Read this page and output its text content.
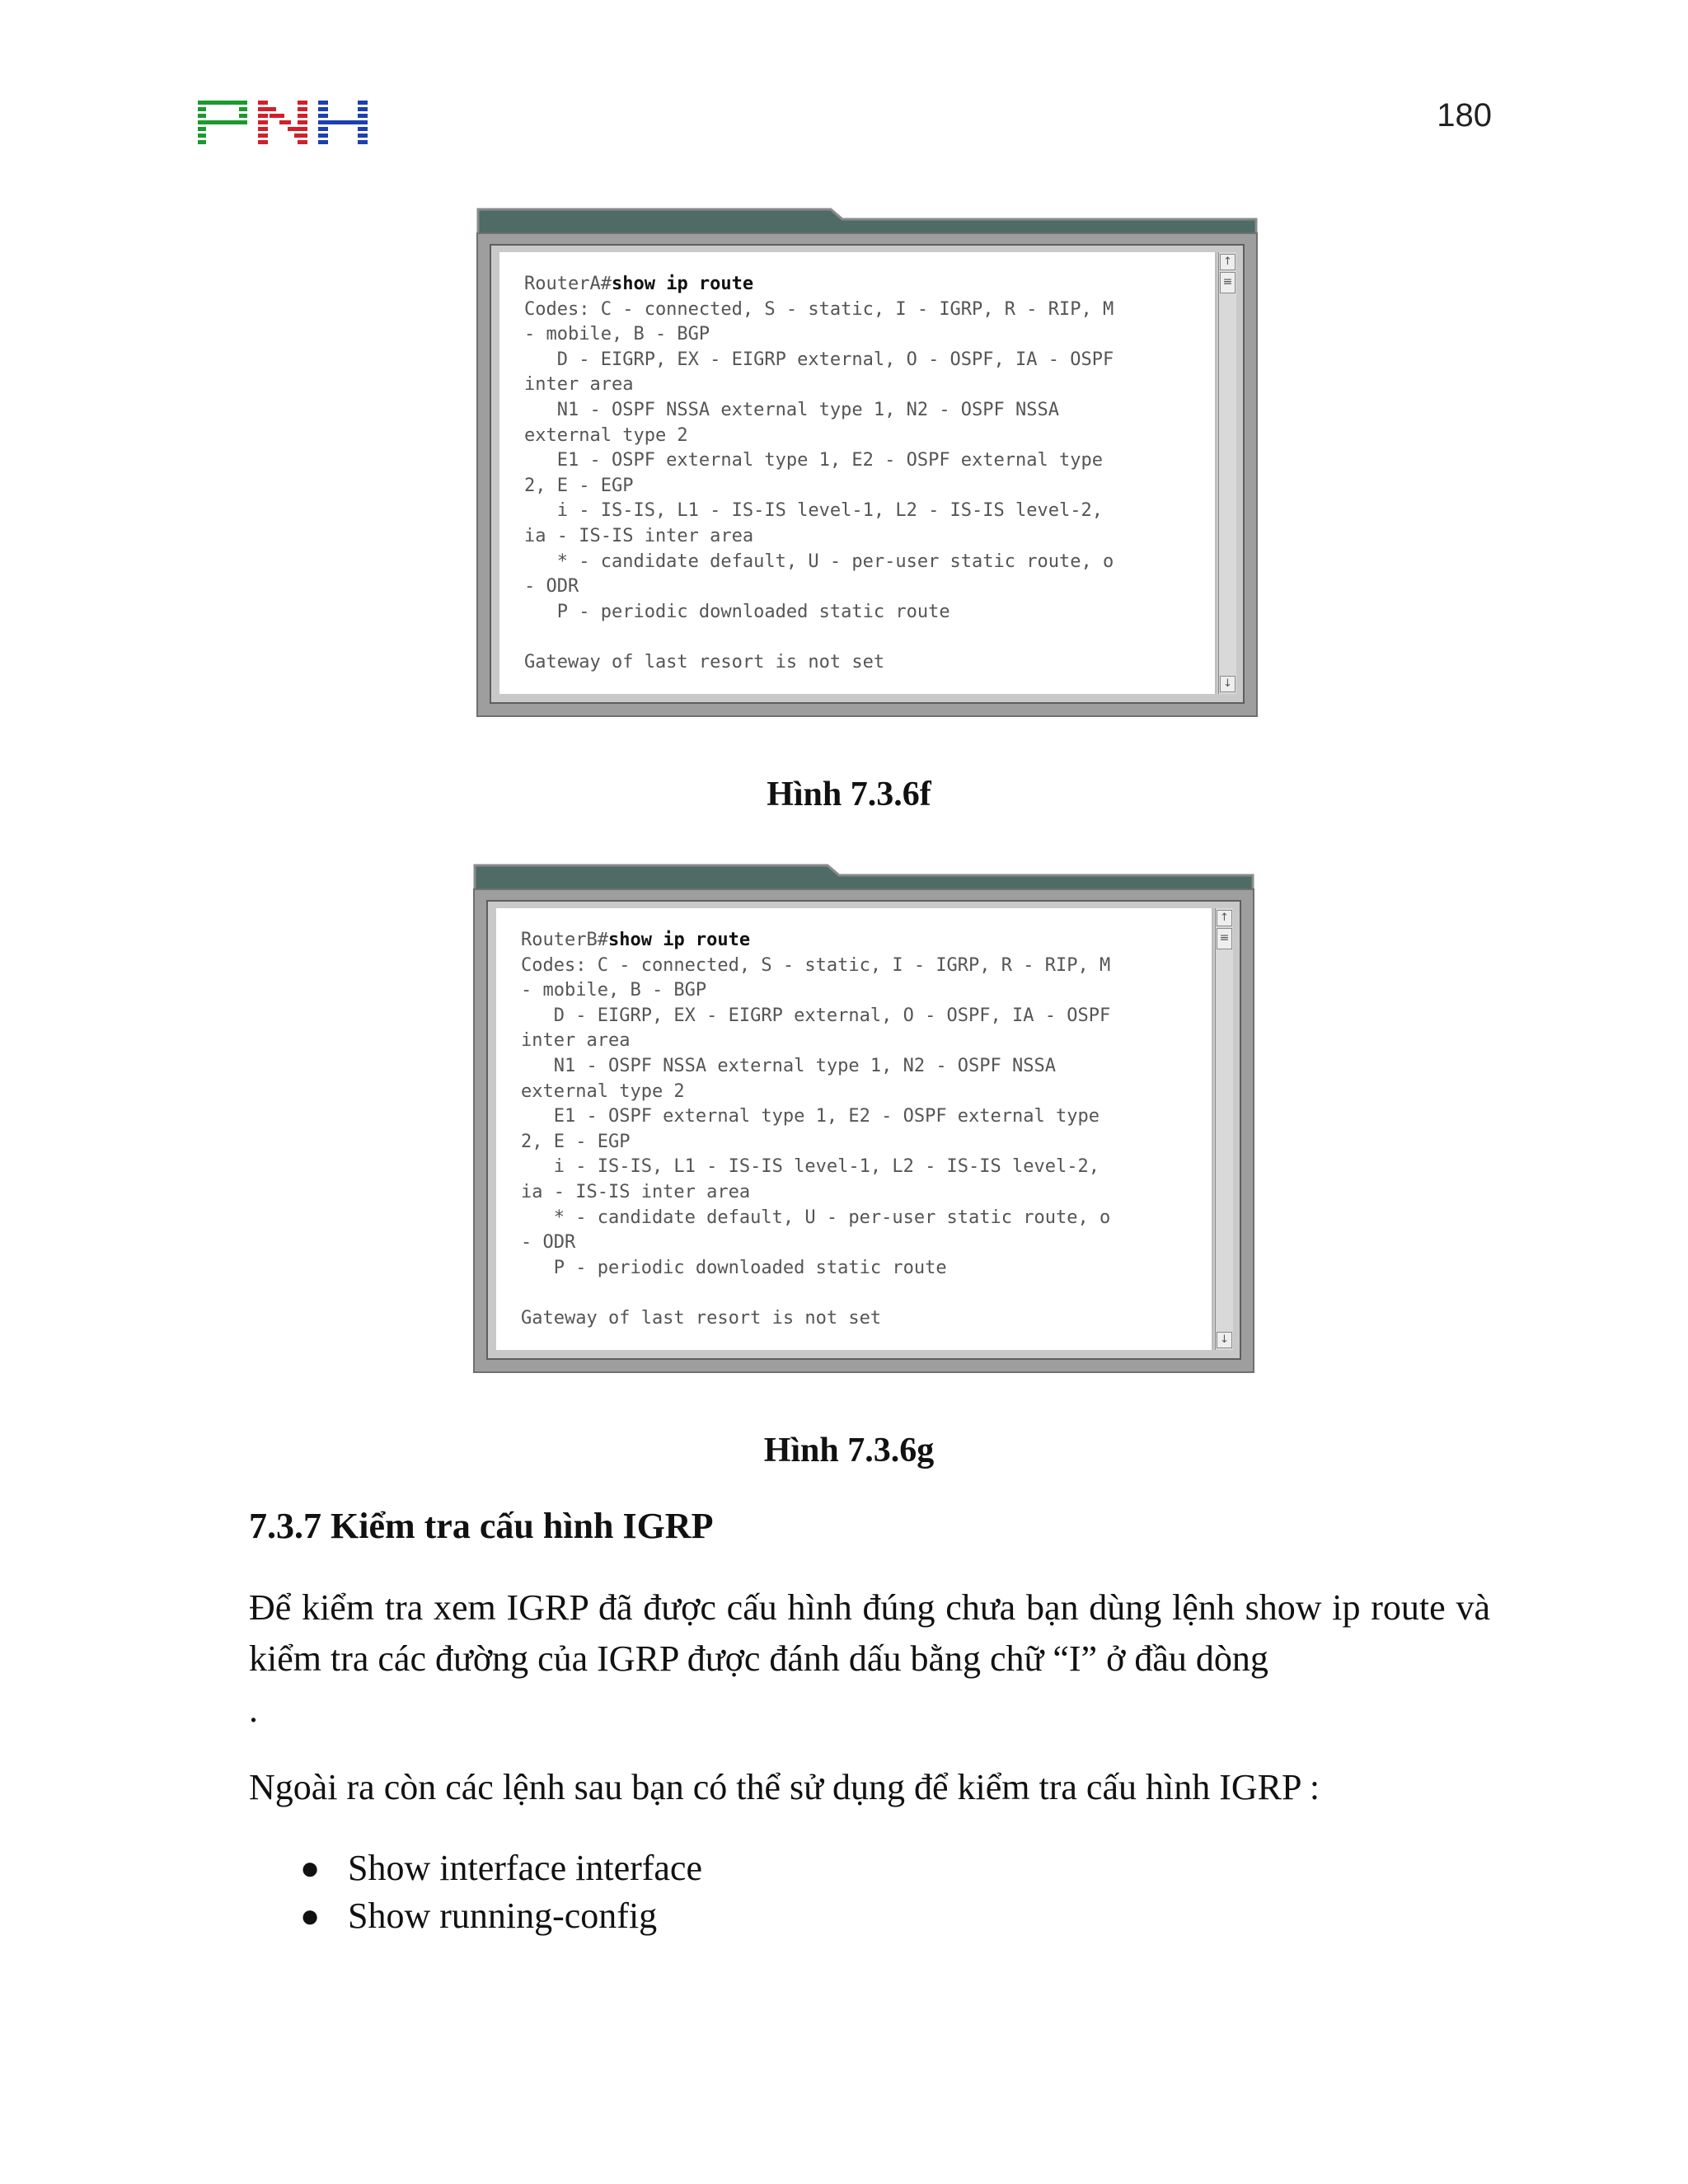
180
RouterA#show ip route
Codes: C - connected, S - static, I - IGRP, R - RIP, M
- mobile, B - BGP
D - EIGRP, EX - EIGRP external, O - OSPF, IA - OSPF
inter area
N1 - OSPF NSSA external type 1, N2 - OSPF NSSA
external type 2
E1 - OSPF external type 1, E2 - OSPF external type
2, E - EGP
i - IS-IS, L1 - IS-IS level-1, L2 - IS-IS level-2,
ia - IS-IS inter area
* - candidate default, U - per-user static route, o
- ODR
P - periodic downloaded static route

Gateway of last resort is not set
↑
≡
↓
Hình 7.3.6f
RouterB#show ip route
Codes: C - connected, S - static, I - IGRP, R - RIP, M
- mobile, B - BGP
D - EIGRP, EX - EIGRP external, O - OSPF, IA - OSPF
inter area
N1 - OSPF NSSA external type 1, N2 - OSPF NSSA
external type 2
E1 - OSPF external type 1, E2 - OSPF external type
2, E - EGP
i - IS-IS, L1 - IS-IS level-1, L2 - IS-IS level-2,
ia - IS-IS inter area
* - candidate default, U - per-user static route, o
- ODR
P - periodic downloaded static route

Gateway of last resort is not set
↑
≡
↓
Hình 7.3.6g
7.3.7 Kiểm tra cấu hình IGRP
Để kiểm tra xem IGRP đã được cấu hình đúng chưa bạn dùng lệnh show ip route và kiểm tra các đường của IGRP được đánh dấu bằng chữ “I” ở đầu dòng
.
Ngoài ra còn các lệnh sau bạn có thể sử dụng để kiểm tra cấu hình IGRP :
● Show interface interface
● Show running-config
